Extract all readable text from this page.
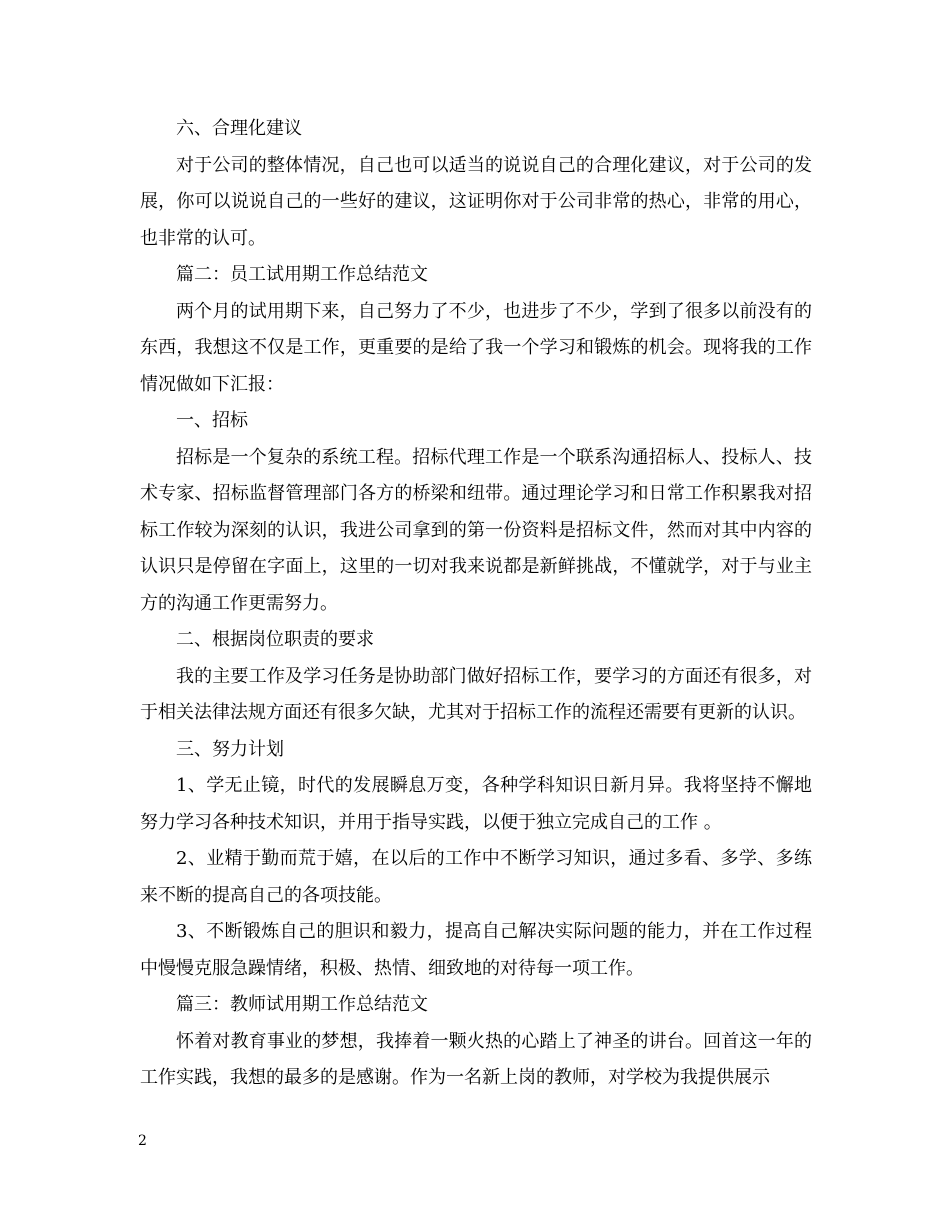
六、合理化建议

对于公司的整体情况，自己也可以适当的说说自己的合理化建议，对于公司的发展，你可以说说自己的一些好的建议，这证明你对于公司非常的热心，非常的用心，也非常的认可。

篇二：员工试用期工作总结范文

两个月的试用期下来，自己努力了不少，也进步了不少，学到了很多以前没有的东西，我想这不仅是工作，更重要的是给了我一个学习和锻炼的机会。现将我的工作情况做如下汇报：

一、招标

招标是一个复杂的系统工程。招标代理工作是一个联系沟通招标人、投标人、技术专家、招标监督管理部门各方的桥梁和纽带。通过理论学习和日常工作积累我对招标工作较为深刻的认识，我进公司拿到的第一份资料是招标文件，然而对其中内容的认识只是停留在字面上，这里的一切对我来说都是新鲜挑战，不懂就学，对于与业主方的沟通工作更需努力。

二、根据岗位职责的要求

我的主要工作及学习任务是协助部门做好招标工作，要学习的方面还有很多，对于相关法律法规方面还有很多欠缺，尤其对于招标工作的流程还需要有更新的认识。

三、努力计划

1、学无止镜，时代的发展瞬息万变，各种学科知识日新月异。我将坚持不懈地努力学习各种技术知识，并用于指导实践，以便于独立完成自己的工作 。

2、业精于勤而荒于嬉，在以后的工作中不断学习知识，通过多看、多学、多练来不断的提高自己的各项技能。

3、不断锻炼自己的胆识和毅力，提高自己解决实际问题的能力，并在工作过程中慢慢克服急躁情绪，积极、热情、细致地的对待每一项工作。

篇三：教师试用期工作总结范文

怀着对教育事业的梦想，我捧着一颗火热的心踏上了神圣的讲台。回首这一年的工作实践，我想的最多的是感谢。作为一名新上岗的教师，对学校为我提供展示

2
